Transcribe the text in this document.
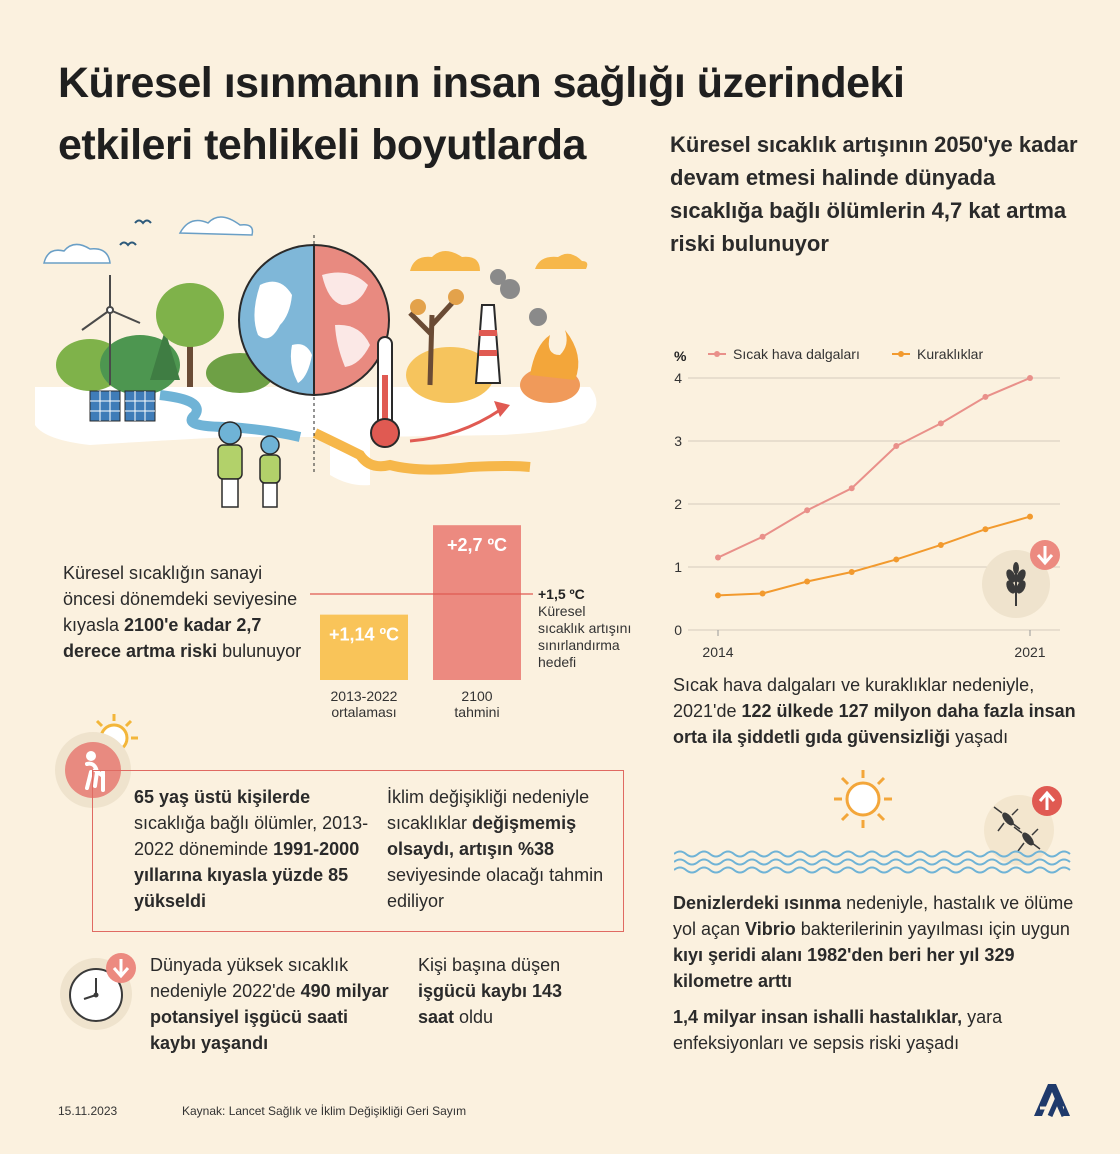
Küresel ısınmanın insan sağlığı üzerindeki
etkileri tehlikeli boyutlarda	Küresel sıcaklık artışının 2050'ye kadar devam etmesi halinde dünyada sıcaklığa bağlı ölümlerin 4,7 kat artma riski bulunuyor
Küresel sıcaklığın sanayi öncesi dönemdeki seviyesine kıyasla 2100'e kadar 2,7 derece artma riski bulunuyor
+1,14 ºC
2013-2022
ortalaması
+2,7 ºC
2100
tahmini
+1,5 ºC
Küresel
sıcaklık artışını
sınırlandırma
hedefi
0
1
2
3
4
%
2014	2021
Sıcak hava dalgaları	Kuraklıklar
Sıcak hava dalgaları ve kuraklıklar nedeniyle, 2021'de 122 ülkede 127 milyon daha fazla insan orta ila şiddetli gıda güvensizliği yaşadı
Denizlerdeki ısınma nedeniyle, hastalık ve ölüme yol açan Vibrio bakterilerinin yayılması için uygun kıyı şeridi alanı 1982'den beri her yıl 329 kilometre arttı
1,4 milyar insan ishalli hastalıklar, yara enfeksiyonları ve sepsis riski yaşadı
65 yaş üstü kişilerde sıcaklığa bağlı ölümler, 2013-2022 döneminde 1991-2000 yıllarına kıyasla yüzde 85 yükseldi
İklim değişikliği nedeniyle sıcaklıklar değişmemiş olsaydı, artışın %38 seviyesinde olacağı tahmin ediliyor
Dünyada yüksek sıcaklık nedeniyle 2022'de 490 milyar potansiyel işgücü saati kaybı yaşandı
Kişi başına düşen işgücü kaybı 143 saat oldu
15.11.2023	Kaynak: Lancet Sağlık ve İklim Değişikliği Geri Sayım
